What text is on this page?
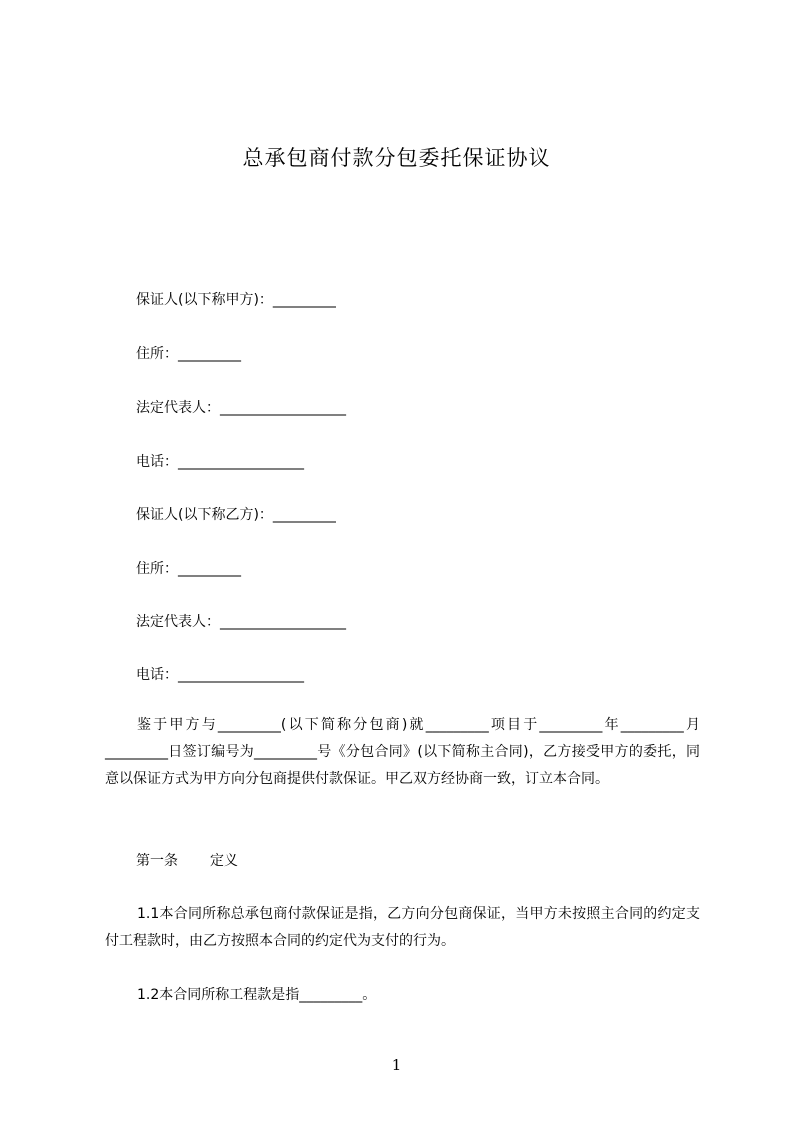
总承包商付款分包委托保证协议
保证人(以下称甲方)：_________
住所：_________
法定代表人：__________________
电话：__________________
保证人(以下称乙方)：_________
住所：_________
法定代表人：__________________
电话：__________________
鉴于甲方与_________(以下简称分包商)就_________项目于_________年_________月_________日签订编号为_________号《分包合同》(以下简称主合同)，乙方接受甲方的委托，同意以保证方式为甲方向分包商提供付款保证。甲乙双方经协商一致，订立本合同。
第一条 定义
1.1本合同所称总承包商付款保证是指，乙方向分包商保证，当甲方未按照主合同的约定支付工程款时，由乙方按照本合同的约定代为支付的行为。
1.2本合同所称工程款是指_________。
1
